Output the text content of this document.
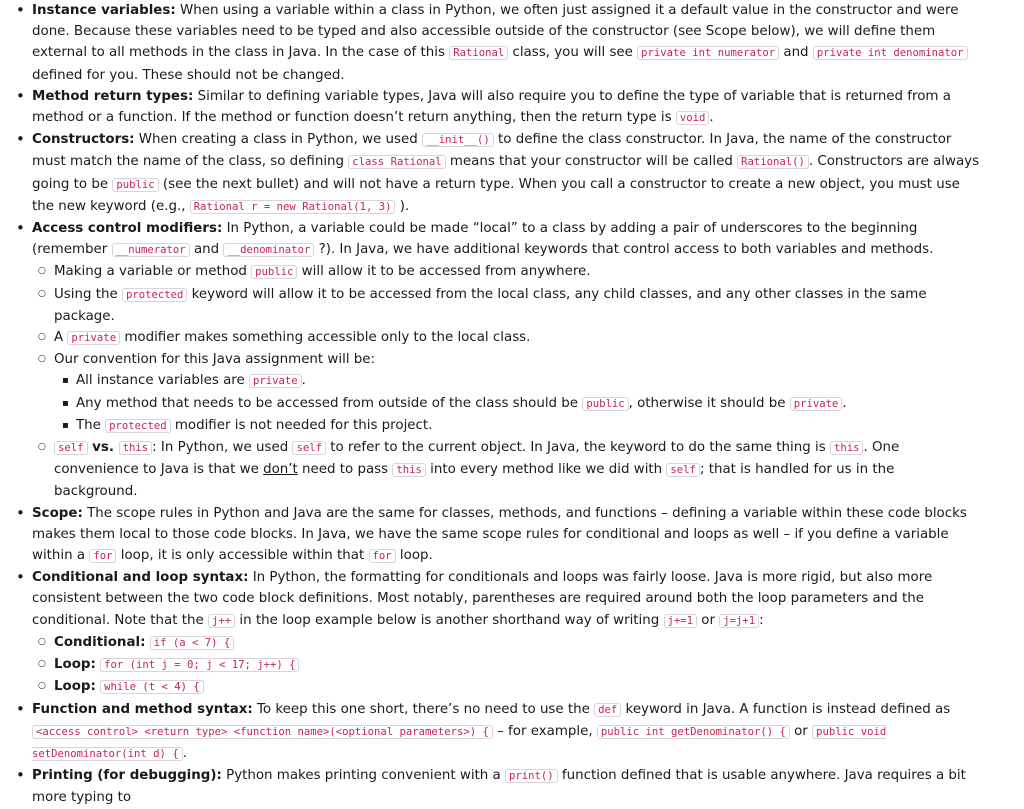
• Instance variables: When using a variable within a class in Python, we often just assigned it a default value in the constructor and were done. Because these variables need to be typed and also accessible outside of the constructor (see Scope below), we will define them external to all methods in the class in Java. In the case of this Rational class, you will see private int numerator and private int denominator defined for you. These should not be changed.
• Method return types: Similar to defining variable types, Java will also require you to define the type of variable that is returned from a method or a function. If the method or function doesn’t return anything, then the return type is void .
• Constructors: When creating a class in Python, we used __init__() to define the class constructor. In Java, the name of the constructor must match the name of the class, so defining class Rational means that your constructor will be called Rational() . Constructors are always going to be public (see the next bullet) and will not have a return type. When you call a constructor to create a new object, you must use the new keyword (e.g., Rational r = new Rational(1, 3) ).
• Access control modifiers: In Python, a variable could be made “local” to a class by adding a pair of underscores to the beginning (remember __numerator and __denominator ?). In Java, we have additional keywords that control access to both variables and methods.
○ Making a variable or method public will allow it to be accessed from anywhere.
○ Using the protected keyword will allow it to be accessed from the local class, any child classes, and any other classes in the same package.
○ A private modifier makes something accessible only to the local class.
○ Our convention for this Java assignment will be:
▪ All instance variables are private .
▪ Any method that needs to be accessed from outside of the class should be public , otherwise it should be private .
▪ The protected modifier is not needed for this project.
○ self vs. this : In Python, we used self to refer to the current object. In Java, the keyword to do the same thing is this . One convenience to Java is that we don’t need to pass this into every method like we did with self ; that is handled for us in the background.
• Scope: The scope rules in Python and Java are the same for classes, methods, and functions – defining a variable within these code blocks makes them local to those code blocks. In Java, we have the same scope rules for conditional and loops as well – if you define a variable within a for loop, it is only accessible within that for loop.
• Conditional and loop syntax: In Python, the formatting for conditionals and loops was fairly loose. Java is more rigid, but also more consistent between the two code block definitions. Most notably, parentheses are required around both the loop parameters and the conditional. Note that the j++ in the loop example below is another shorthand way of writing j+=1 or j=j+1 :
○ Conditional: if (a < 7) {
○ Loop: for (int j = 0; j < 17; j++) {
○ Loop: while (t < 4) {
• Function and method syntax: To keep this one short, there’s no need to use the def keyword in Java. A function is instead defined as <access control> <return type> <function name>(<optional parameters>) { – for example, public int getDenominator() { or public void setDenominator(int d) { .
• Printing (for debugging): Python makes printing convenient with a print() function defined that is usable anywhere. Java requires a bit more typing to
